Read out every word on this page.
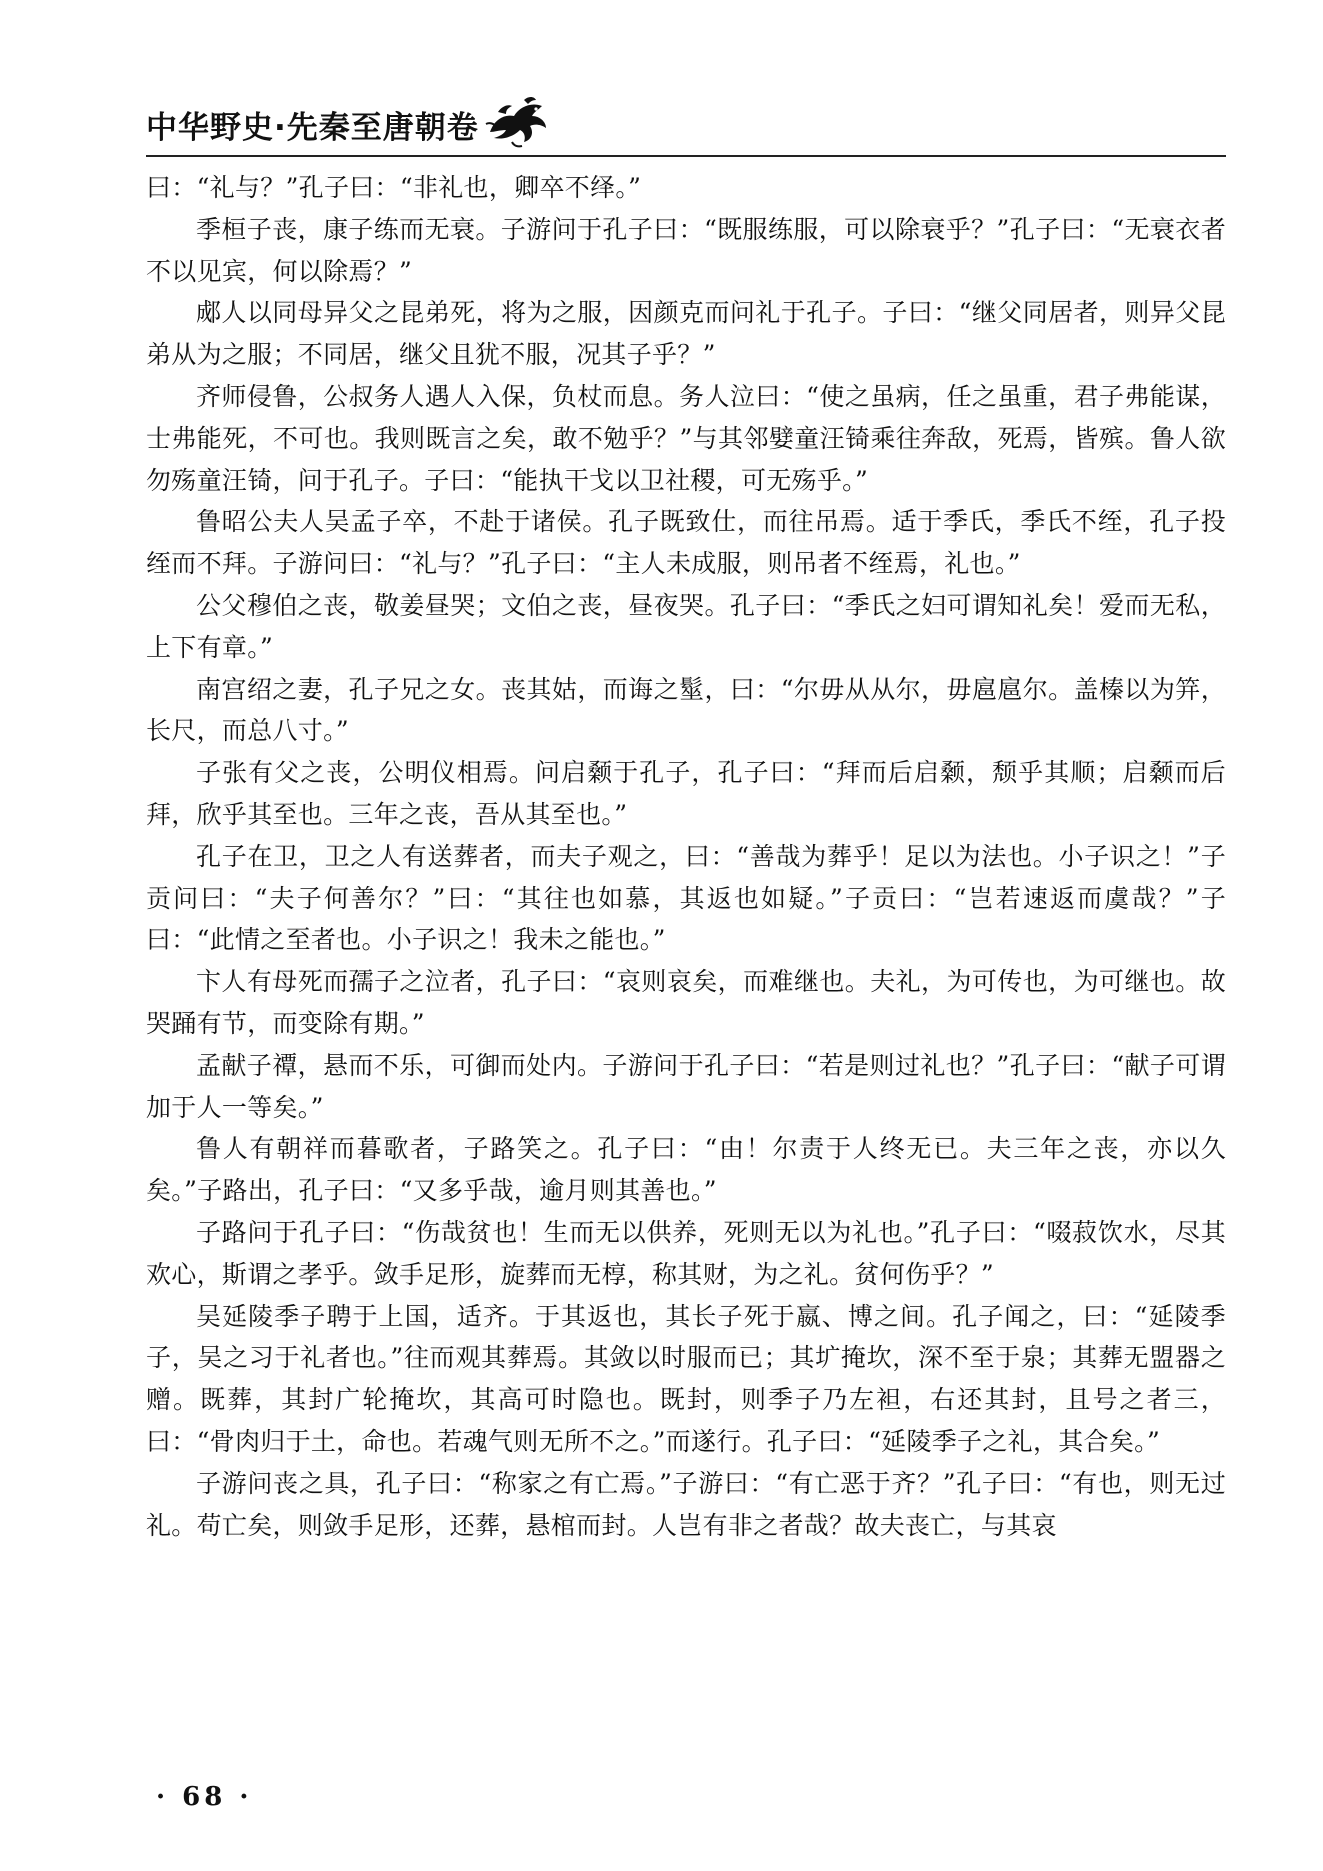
中华野史·先秦至唐朝卷

曰：“礼与？”孔子曰：“非礼也，卿卒不绎。”

季桓子丧，康子练而无衰。子游问于孔子曰：“既服练服，可以除衰乎？”孔子曰：“无衰衣者不以见宾，何以除焉？”

郕人以同母异父之昆弟死，将为之服，因颜克而问礼于孔子。子曰：“继父同居者，则异父昆弟从为之服；不同居，继父且犹不服，况其子乎？”

齐师侵鲁，公叔务人遇人入保，负杖而息。务人泣曰：“使之虽病，任之虽重，君子弗能谋，士弗能死，不可也。我则既言之矣，敢不勉乎？”与其邻嬖童汪锜乘往奔敌，死焉，皆殡。鲁人欲勿殇童汪锜，问于孔子。子曰：“能执干戈以卫社稷，可无殇乎。”

鲁昭公夫人吴孟子卒，不赴于诸侯。孔子既致仕，而往吊焉。适于季氏，季氏不绖，孔子投绖而不拜。子游问曰：“礼与？”孔子曰：“主人未成服，则吊者不绖焉，礼也。”

公父穆伯之丧，敬姜昼哭；文伯之丧，昼夜哭。孔子曰：“季氏之妇可谓知礼矣！爱而无私，上下有章。”

南宫绍之妻，孔子兄之女。丧其姑，而诲之髽，曰：“尔毋从从尔，毋扈扈尔。盖榛以为笄，长尺，而总八寸。”

子张有父之丧，公明仪相焉。问启颡于孔子，孔子曰：“拜而后启颡，颓乎其顺；启颡而后拜，欣乎其至也。三年之丧，吾从其至也。”

孔子在卫，卫之人有送葬者，而夫子观之，曰：“善哉为葬乎！足以为法也。小子识之！”子贡问曰：“夫子何善尔？”曰：“其往也如慕，其返也如疑。”子贡曰：“岂若速返而虞哉？”子曰：“此情之至者也。小子识之！我未之能也。”

卞人有母死而孺子之泣者，孔子曰：“哀则哀矣，而难继也。夫礼，为可传也，为可继也。故哭踊有节，而变除有期。”

孟献子禫，悬而不乐，可御而处内。子游问于孔子曰：“若是则过礼也？”孔子曰：“献子可谓加于人一等矣。”

鲁人有朝祥而暮歌者，子路笑之。孔子曰：“由！尔责于人终无已。夫三年之丧，亦以久矣。”子路出，孔子曰：“又多乎哉，逾月则其善也。”

子路问于孔子曰：“伤哉贫也！生而无以供养，死则无以为礼也。”孔子曰：“啜菽饮水，尽其欢心，斯谓之孝乎。敛手足形，旋葬而无椁，称其财，为之礼。贫何伤乎？”

吴延陵季子聘于上国，适齐。于其返也，其长子死于嬴、博之间。孔子闻之，曰：“延陵季子，吴之习于礼者也。”往而观其葬焉。其敛以时服而已；其圹掩坎，深不至于泉；其葬无盟器之赠。既葬，其封广轮掩坎，其高可时隐也。既封，则季子乃左袒，右还其封，且号之者三，曰：“骨肉归于土，命也。若魂气则无所不之。”而遂行。孔子曰：“延陵季子之礼，其合矣。”

子游问丧之具，孔子曰：“称家之有亡焉。”子游曰：“有亡恶于齐？”孔子曰：“有也，则无过礼。苟亡矣，则敛手足形，还葬，悬棺而封。人岂有非之者哉？故夫丧亡，与其哀

· 68 ·
